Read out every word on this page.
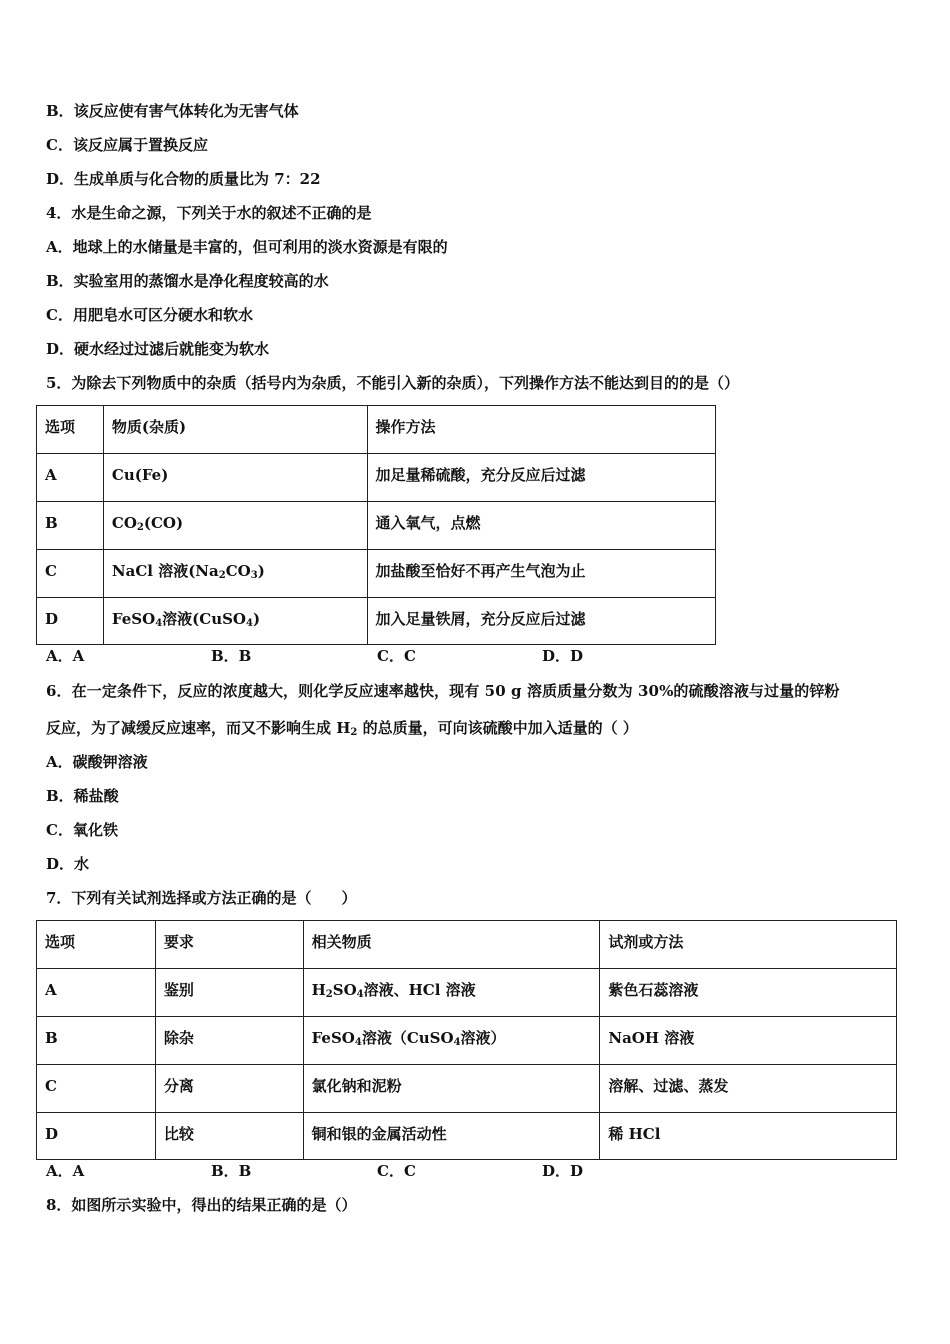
B．该反应使有害气体转化为无害气体
C．该反应属于置换反应
D．生成单质与化合物的质量比为 7：22
4．水是生命之源，下列关于水的叙述不正确的是
A．地球上的水储量是丰富的，但可利用的淡水资源是有限的
B．实验室用的蒸馏水是净化程度较高的水
C．用肥皂水可区分硬水和软水
D．硬水经过过滤后就能变为软水
5．为除去下列物质中的杂质（括号内为杂质，不能引入新的杂质），下列操作方法不能达到目的的是（）
选项	物质(杂质)	操作方法
A	Cu(Fe)	加足量稀硫酸，充分反应后过滤
B	$CO_2(CO)$	通入氧气，点燃
C	NaCl 溶液$(Na_2CO_3)$	加盐酸至恰好不再产生气泡为止
D	FeSO$_4$溶液(CuSO$_4$)	加入足量铁屑，充分反应后过滤
A．A	B．B	C．C	D．D
6．在一定条件下，反应的浓度越大，则化学反应速率越快，现有 50 g 溶质质量分数为 30%的硫酸溶液与过量的锌粉
反应，为了减缓反应速率，而又不影响生成 $H_2$ 的总质量，可向该硫酸中加入适量的（ ）
A．碳酸钾溶液
B．稀盐酸
C．氧化铁
D．水
7．下列有关试剂选择或方法正确的是（　　）
选项	要求	相关物质	试剂或方法
A	鉴别	$H_2SO_4$溶液、HCl 溶液	紫色石蕊溶液
B	除杂	FeSO$_4$溶液（CuSO$_4$溶液）	NaOH 溶液
C	分离	氯化钠和泥粉	溶解、过滤、蒸发
D	比较	铜和银的金属活动性	稀 HCl
A．A	B．B	C．C	D．D
8．如图所示实验中，得出的结果正确的是（）
